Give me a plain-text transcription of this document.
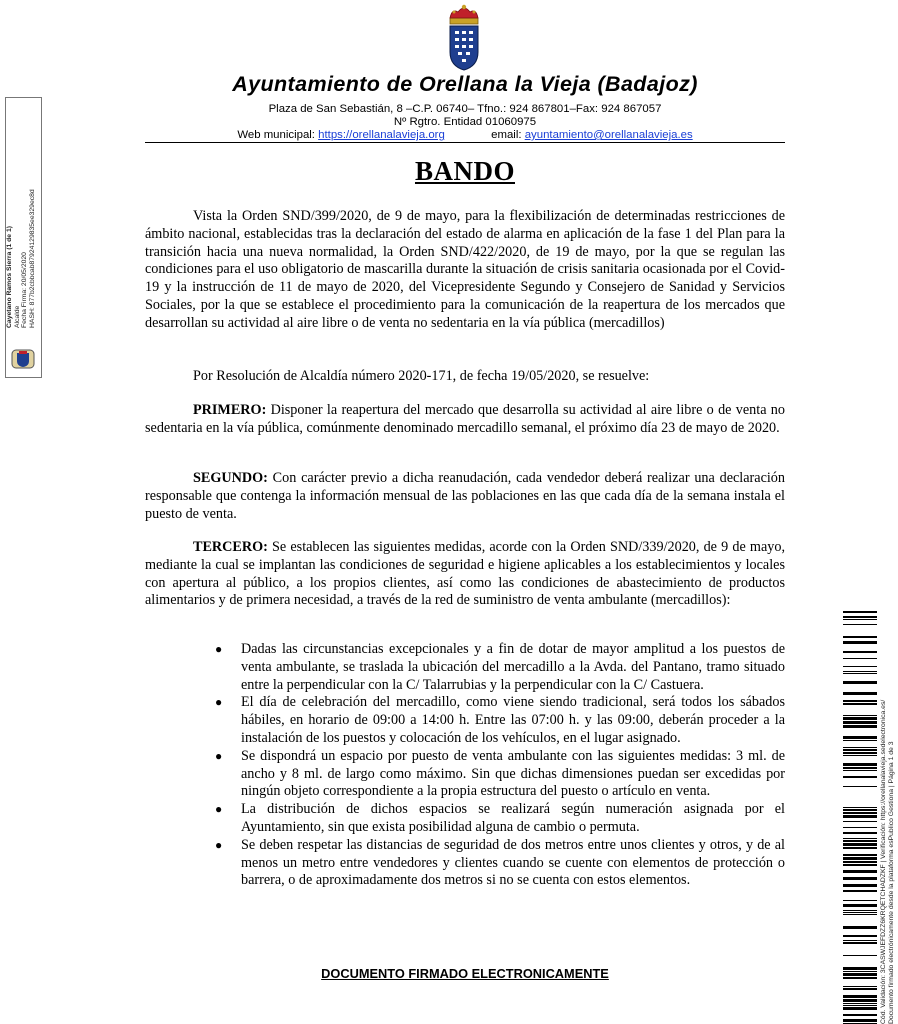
Ayuntamiento de Orellana la Vieja (Badajoz)
Plaza de San Sebastián, 8 –C.P. 06740– Tfno.: 924 867801–Fax: 924 867057
Nº Rgtro. Entidad 01060975
Web municipal: https://orellanalavieja.org	email: ayuntamiento@orellanalavieja.es
BANDO
Vista la Orden SND/399/2020, de 9 de mayo, para la flexibilización de determinadas restricciones de ámbito nacional, establecidas tras la declaración del estado de alarma en aplicación de la fase 1 del Plan para la transición hacia una nueva normalidad, la Orden SND/422/2020, de 19 de mayo, por la que se regulan las condiciones para el uso obligatorio de mascarilla durante la situación de crisis sanitaria ocasionada por el Covid-19 y la instrucción de 11 de mayo de 2020, del Vicepresidente Segundo y Consejero de Sanidad y Servicios Sociales, por la que se establece el procedimiento para la comunicación de la reapertura de los mercados que desarrollan su actividad al aire libre o de venta no sedentaria en la vía pública (mercadillos)
Por Resolución de Alcaldía número 2020-171, de fecha 19/05/2020, se resuelve:
PRIMERO: Disponer la reapertura del mercado que desarrolla su actividad al aire libre o de venta no sedentaria en la vía pública, comúnmente denominado mercadillo semanal, el próximo día 23 de mayo de 2020.
SEGUNDO: Con carácter previo a dicha reanudación, cada vendedor deberá realizar una declaración responsable que contenga la información mensual de las poblaciones en las que cada día de la semana instala el puesto de venta.
TERCERO: Se establecen las siguientes medidas, acorde con la Orden SND/339/2020, de 9 de mayo, mediante la cual se implantan las condiciones de seguridad e higiene aplicables a los establecimientos y locales con apertura al público, a los propios clientes, así como las condiciones de abastecimiento de productos alimentarios y de primera necesidad, a través de la red de suministro de venta ambulante (mercadillos):
● Dadas las circunstancias excepcionales y a fin de dotar de mayor amplitud a los puestos de venta ambulante, se traslada la ubicación del mercadillo a la Avda. del Pantano, tramo situado entre la perpendicular con la C/ Talarrubias y la perpendicular con la C/ Castuera.
● El día de celebración del mercadillo, como viene siendo tradicional, será todos los sábados hábiles, en horario de 09:00 a 14:00 h. Entre las 07:00 h. y las 09:00, deberán proceder a la instalación de los puestos y colocación de los vehículos, en el lugar asignado.
● Se dispondrá un espacio por puesto de venta ambulante con las siguientes medidas: 3 ml. de ancho y 8 ml. de largo como máximo. Sin que dichas dimensiones puedan ser excedidas por ningún objeto correspondiente a la propia estructura del puesto o artículo en venta.
● La distribución de dichos espacios se realizará según numeración asignada por el Ayuntamiento, sin que exista posibilidad alguna de cambio o permuta.
● Se deben respetar las distancias de seguridad de dos metros entre unos clientes y otros, y de al menos un metro entre vendedores y clientes cuando se cuente con elementos de protección o barrera, o de aproximadamente dos metros si no se cuenta con estos elementos.
DOCUMENTO FIRMADO ELECTRONICAMENTE
Cayetano Ramos Sierra (1 de 1) Alcalde Fecha Firma: 20/05/2020 HASH: 877b2cbbcab87924129835ee329ec8d
Cód. Validación: 3CASWJEFDZZ6KRQETCHADZKF | Verificación: https://orellanalavieja.sedelectronica.es/ Documento firmado electrónicamente desde la plataforma esPublico Gestiona | Página 1 de 3
